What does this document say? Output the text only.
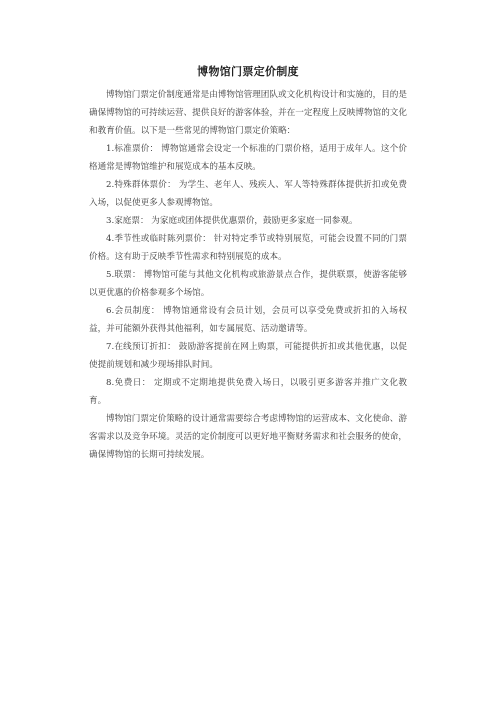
博物馆门票定价制度

博物馆门票定价制度通常是由博物馆管理团队或文化机构设计和实施的，目的是确保博物馆的可持续运营、提供良好的游客体验，并在一定程度上反映博物馆的文化和教育价值。以下是一些常见的博物馆门票定价策略：

1.标准票价： 博物馆通常会设定一个标准的门票价格，适用于成年人。这个价格通常是博物馆维护和展览成本的基本反映。

2.特殊群体票价： 为学生、老年人、残疾人、军人等特殊群体提供折扣或免费入场，以促使更多人参观博物馆。

3.家庭票： 为家庭或团体提供优惠票价，鼓励更多家庭一同参观。

4.季节性或临时陈列票价： 针对特定季节或特别展览，可能会设置不同的门票价格。这有助于反映季节性需求和特别展览的成本。

5.联票： 博物馆可能与其他文化机构或旅游景点合作，提供联票，使游客能够以更优惠的价格参观多个场馆。

6.会员制度： 博物馆通常设有会员计划，会员可以享受免费或折扣的入场权益，并可能额外获得其他福利，如专属展览、活动邀请等。

7.在线预订折扣： 鼓励游客提前在网上购票，可能提供折扣或其他优惠，以促使提前规划和减少现场排队时间。

8.免费日： 定期或不定期地提供免费入场日，以吸引更多游客并推广文化教育。

博物馆门票定价策略的设计通常需要综合考虑博物馆的运营成本、文化使命、游客需求以及竞争环境。灵活的定价制度可以更好地平衡财务需求和社会服务的使命，确保博物馆的长期可持续发展。
